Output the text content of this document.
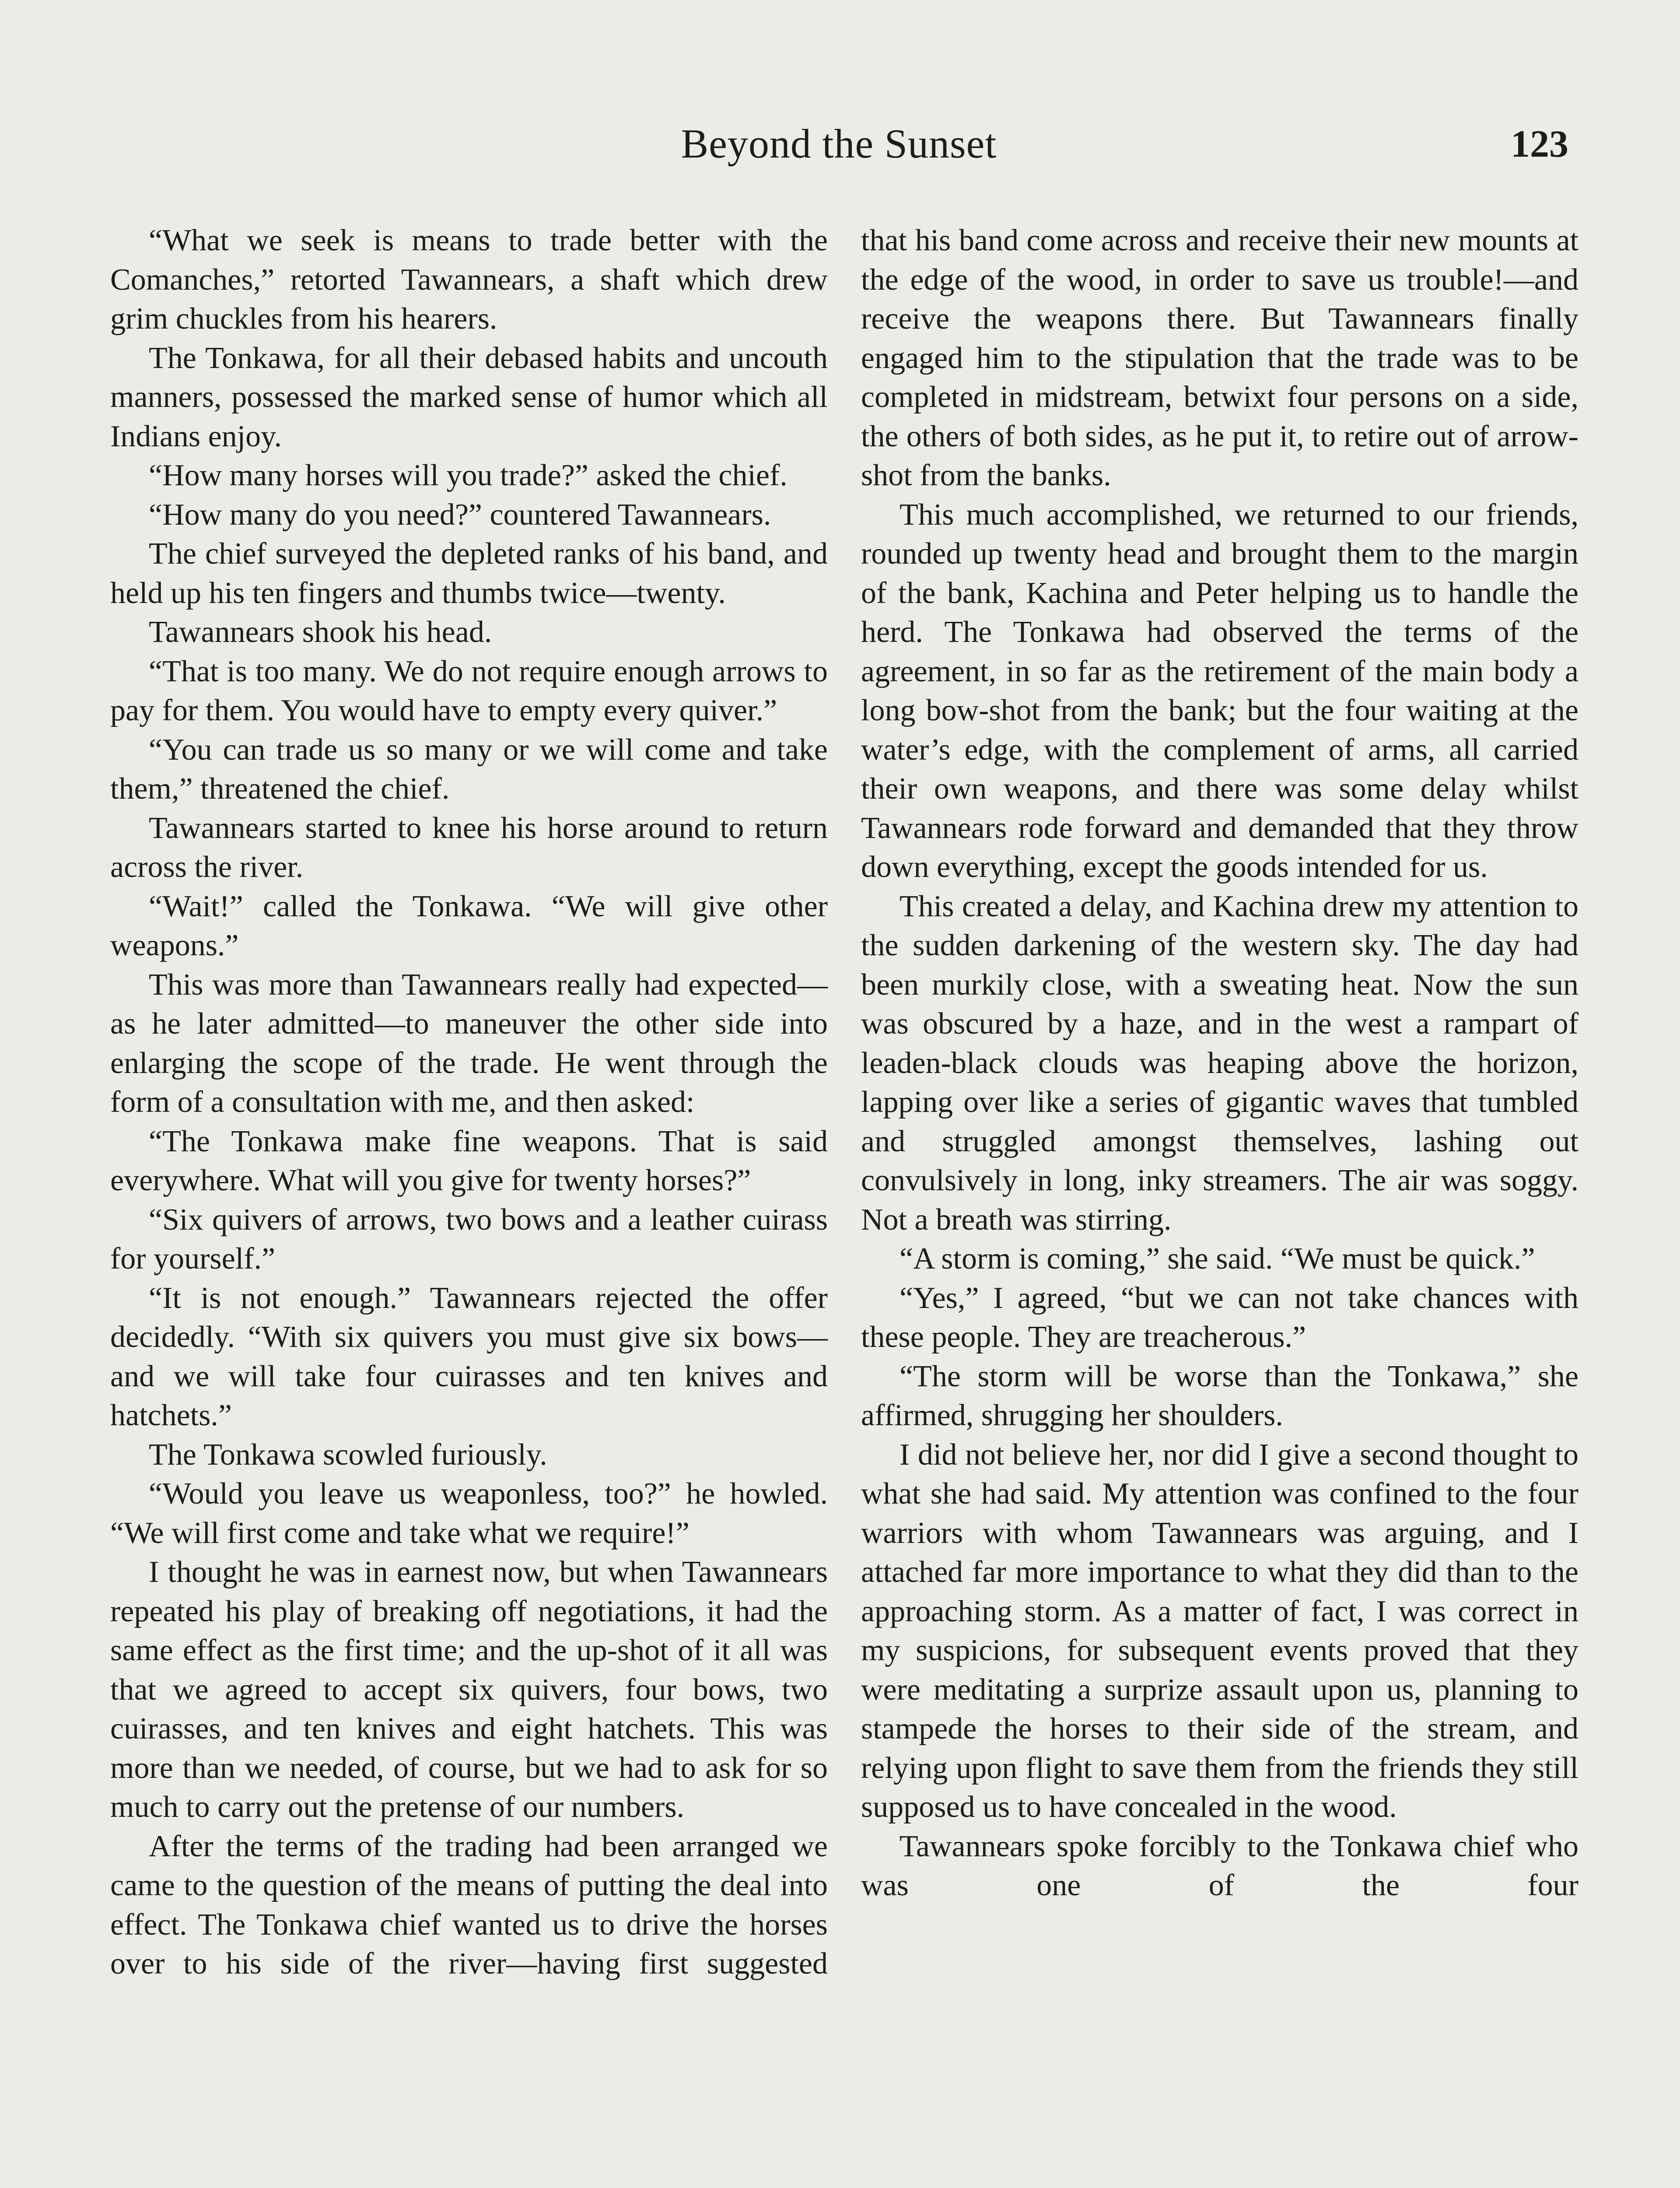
Beyond the Sunset	123

“What we seek is means to trade better with the Comanches,” retorted Tawannears, a shaft which drew grim chuckles from his hearers.

The Tonkawa, for all their debased habits and uncouth manners, possessed the marked sense of humor which all Indians enjoy.

“How many horses will you trade?” asked the chief.

“How many do you need?” countered Tawannears.

The chief surveyed the depleted ranks of his band, and held up his ten fingers and thumbs twice—twenty.

Tawannears shook his head.

“That is too many. We do not require enough arrows to pay for them. You would have to empty every quiver.”

“You can trade us so many or we will come and take them,” threatened the chief.

Tawannears started to knee his horse around to return across the river.

“Wait!” called the Tonkawa. “We will give other weapons.”

This was more than Tawannears really had expected—as he later admitted—to maneuver the other side into enlarging the scope of the trade. He went through the form of a consultation with me, and then asked:

“The Tonkawa make fine weapons. That is said everywhere. What will you give for twenty horses?”

“Six quivers of arrows, two bows and a leather cuirass for yourself.”

“It is not enough.” Tawannears rejected the offer decidedly. “With six quivers you must give six bows—and we will take four cuirasses and ten knives and hatchets.”

The Tonkawa scowled furiously.

“Would you leave us weaponless, too?” he howled. “We will first come and take what we require!”

I thought he was in earnest now, but when Tawannears repeated his play of breaking off negotiations, it had the same effect as the first time; and the up-shot of it all was that we agreed to accept six quivers, four bows, two cuirasses, and ten knives and eight hatchets. This was more than we needed, of course, but we had to ask for so much to carry out the pretense of our numbers.

After the terms of the trading had been arranged we came to the question of the means of putting the deal into effect. The Tonkawa chief wanted us to drive the horses over to his side of the river—having first suggested

that his band come across and receive their new mounts at the edge of the wood, in order to save us trouble!—and receive the weapons there. But Tawannears finally engaged him to the stipulation that the trade was to be completed in midstream, betwixt four persons on a side, the others of both sides, as he put it, to retire out of arrow-shot from the banks.

This much accomplished, we returned to our friends, rounded up twenty head and brought them to the margin of the bank, Kachina and Peter helping us to handle the herd. The Tonkawa had observed the terms of the agreement, in so far as the retirement of the main body a long bow-shot from the bank; but the four waiting at the water’s edge, with the complement of arms, all carried their own weapons, and there was some delay whilst Tawannears rode forward and demanded that they throw down everything, except the goods intended for us.

This created a delay, and Kachina drew my attention to the sudden darkening of the western sky. The day had been murkily close, with a sweating heat. Now the sun was obscured by a haze, and in the west a rampart of leaden-black clouds was heaping above the horizon, lapping over like a series of gigantic waves that tumbled and struggled amongst themselves, lashing out convulsively in long, inky streamers. The air was soggy. Not a breath was stirring.

“A storm is coming,” she said. “We must be quick.”

“Yes,” I agreed, “but we can not take chances with these people. They are treacherous.”

“The storm will be worse than the Tonkawa,” she affirmed, shrugging her shoulders.

I did not believe her, nor did I give a second thought to what she had said. My attention was confined to the four warriors with whom Tawannears was arguing, and I attached far more importance to what they did than to the approaching storm. As a matter of fact, I was correct in my suspicions, for subsequent events proved that they were meditating a surprize assault upon us, planning to stampede the horses to their side of the stream, and relying upon flight to save them from the friends they still supposed us to have concealed in the wood.

Tawannears spoke forcibly to the Tonkawa chief who was one of the four
